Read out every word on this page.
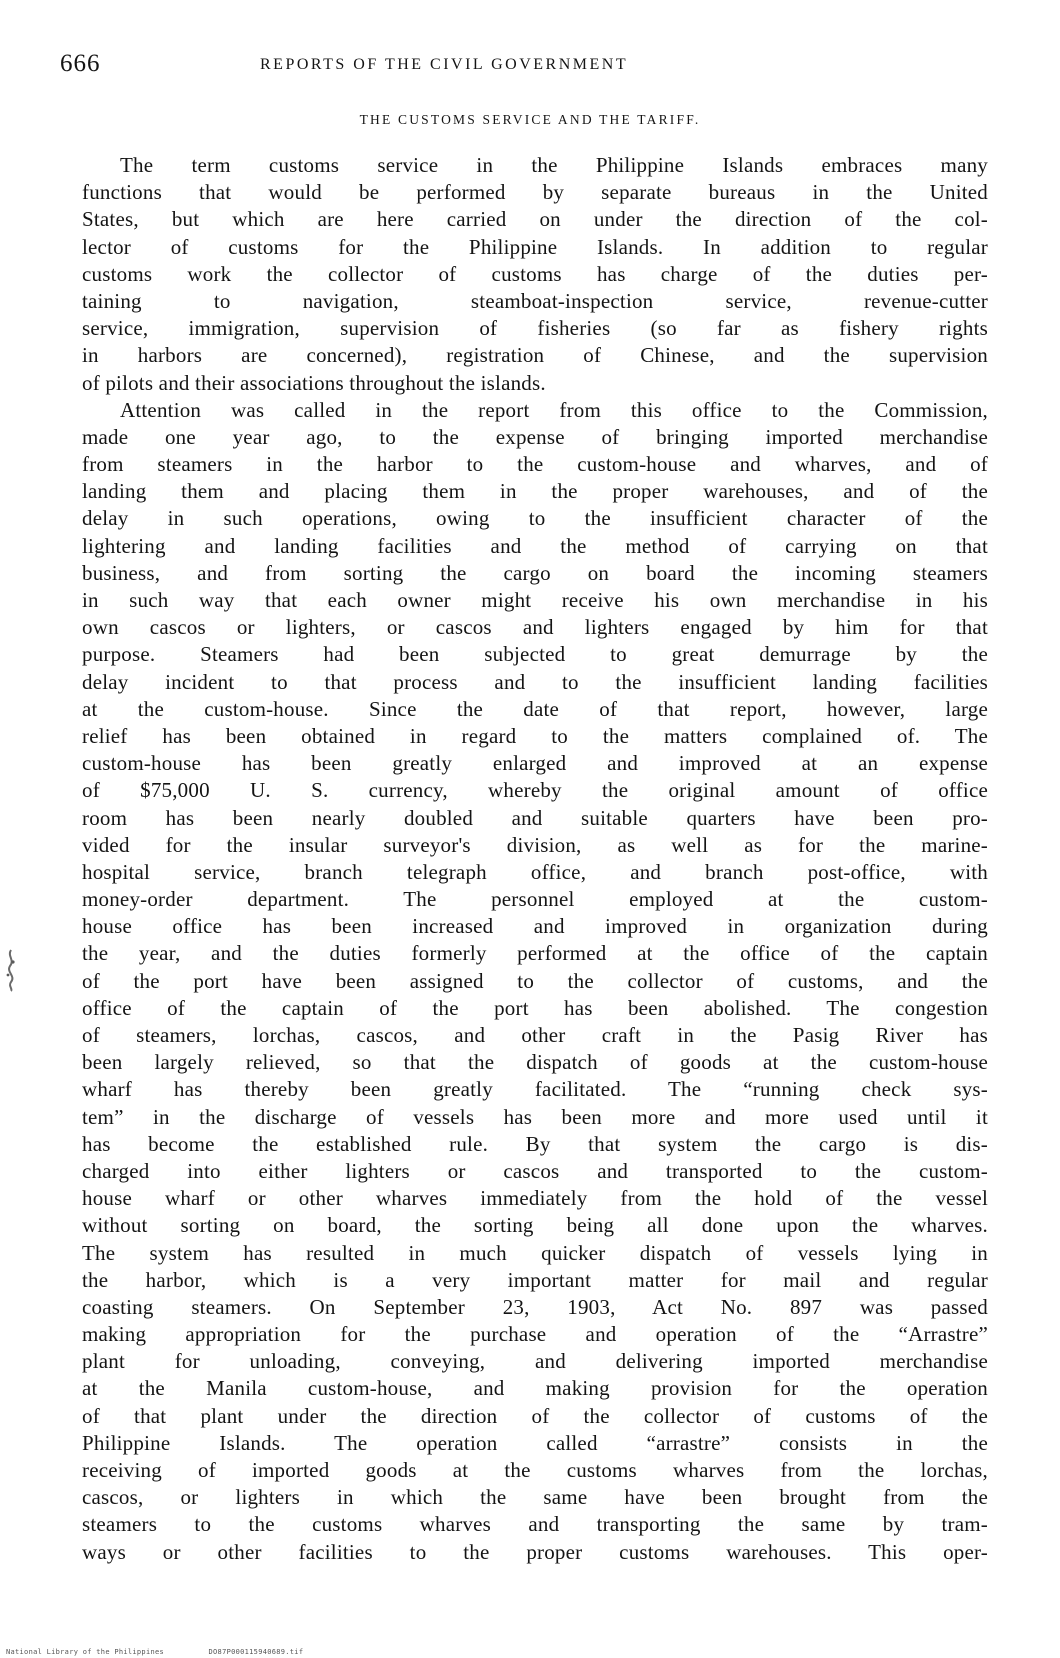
666	REPORTS OF THE CIVIL GOVERNMENT
THE CUSTOMS SERVICE AND THE TARIFF.
The term customs service in the Philippine Islands embraces many
functions that would be performed by separate bureaus in the United
States, but which are here carried on under the direction of the col-
lector of customs for the Philippine Islands. In addition to regular
customs work the collector of customs has charge of the duties per-
taining to navigation, steamboat-inspection service, revenue-cutter
service, immigration, supervision of fisheries (so far as fishery rights
in harbors are concerned), registration of Chinese, and the supervision
of pilots and their associations throughout the islands.
Attention was called in the report from this office to the Commission,
made one year ago, to the expense of bringing imported merchandise
from steamers in the harbor to the custom-house and wharves, and of
landing them and placing them in the proper warehouses, and of the
delay in such operations, owing to the insufficient character of the
lightering and landing facilities and the method of carrying on that
business, and from sorting the cargo on board the incoming steamers
in such way that each owner might receive his own merchandise in his
own cascos or lighters, or cascos and lighters engaged by him for that
purpose. Steamers had been subjected to great demurrage by the
delay incident to that process and to the insufficient landing facilities
at the custom-house. Since the date of that report, however, large
relief has been obtained in regard to the matters complained of. The
custom-house has been greatly enlarged and improved at an expense
of $75,000 U. S. currency, whereby the original amount of office
room has been nearly doubled and suitable quarters have been pro-
vided for the insular surveyor's division, as well as for the marine-
hospital service, branch telegraph office, and branch post-office, with
money-order department. The personnel employed at the custom-
house office has been increased and improved in organization during
the year, and the duties formerly performed at the office of the captain
of the port have been assigned to the collector of customs, and the
office of the captain of the port has been abolished. The congestion
of steamers, lorchas, cascos, and other craft in the Pasig River has
been largely relieved, so that the dispatch of goods at the custom-house
wharf has thereby been greatly facilitated. The “running check sys-
tem” in the discharge of vessels has been more and more used until it
has become the established rule. By that system the cargo is dis-
charged into either lighters or cascos and transported to the custom-
house wharf or other wharves immediately from the hold of the vessel
without sorting on board, the sorting being all done upon the wharves.
The system has resulted in much quicker dispatch of vessels lying in
the harbor, which is a very important matter for mail and regular
coasting steamers. On September 23, 1903, Act No. 897 was passed
making appropriation for the purchase and operation of the “Arrastre”
plant for unloading, conveying, and delivering imported merchandise
at the Manila custom-house, and making provision for the operation
of that plant under the direction of the collector of customs of the
Philippine Islands. The operation called “arrastre” consists in the
receiving of imported goods at the customs wharves from the lorchas,
cascos, or lighters in which the same have been brought from the
steamers to the customs wharves and transporting the same by tram-
ways or other facilities to the proper customs warehouses. This oper-
National Library of the Philippines	DO87P000115940689.tif
